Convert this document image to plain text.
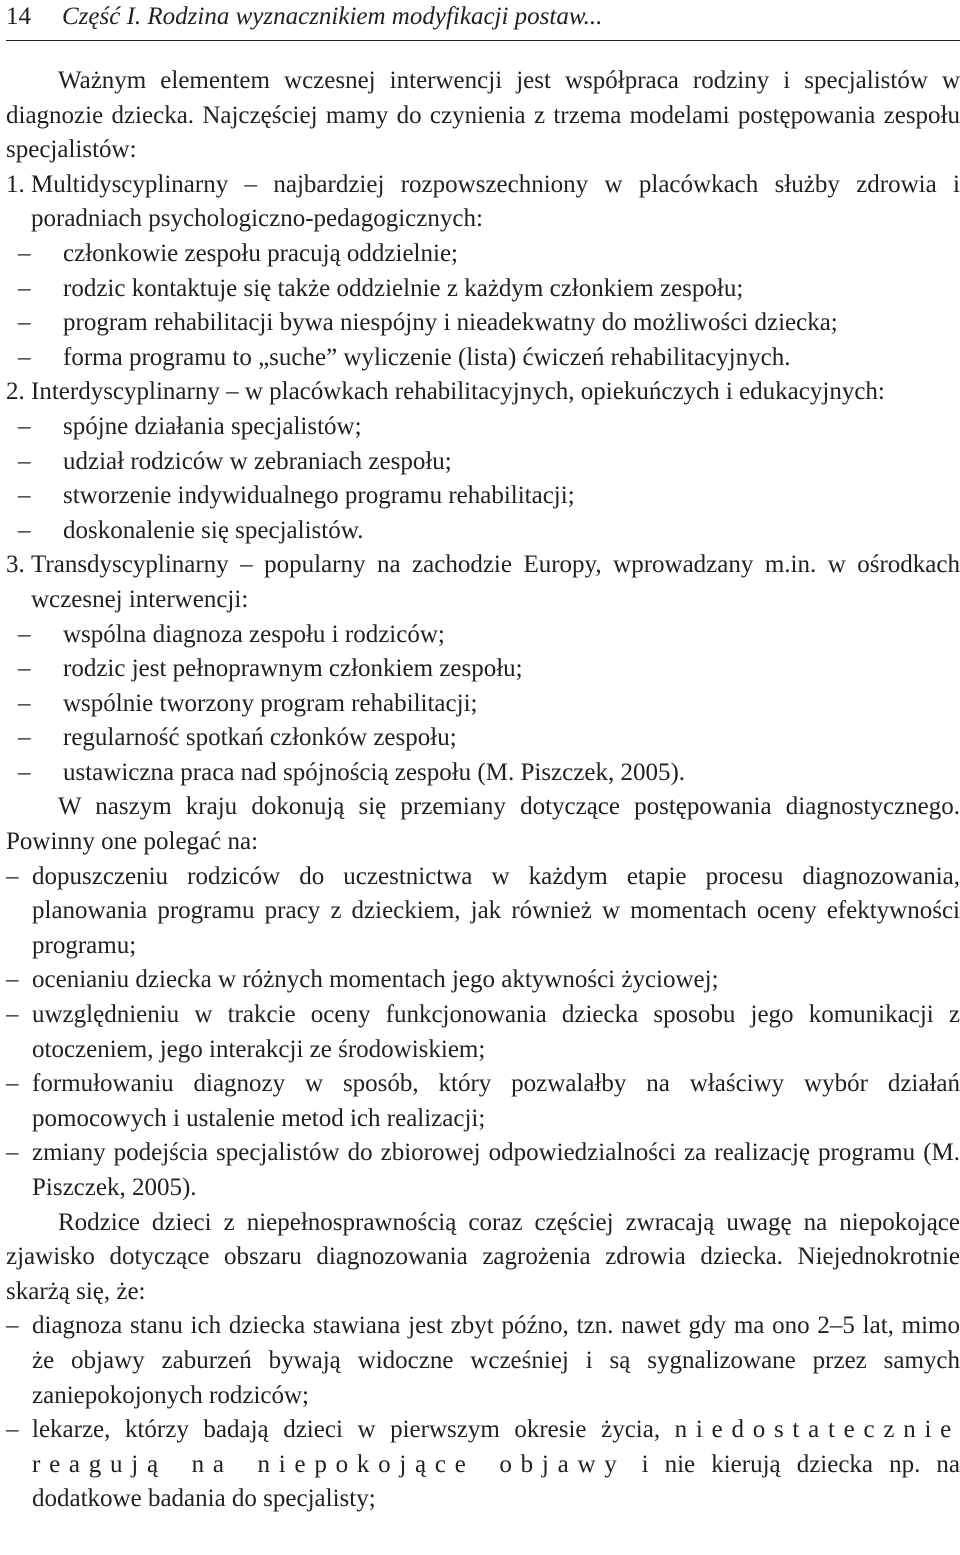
14 Część I. Rodzina wyznacznikiem modyfikacji postaw...

Ważnym elementem wczesnej interwencji jest współpraca rodziny i specjalistów w diagnozie dziecka. Najczęściej mamy do czynienia z trzema modelami postępowania zespołu specjalistów:

1. Multidyscyplinarny – najbardziej rozpowszechniony w placówkach służby zdrowia i poradniach psychologiczno-pedagogicznych:
– członkowie zespołu pracują oddzielnie;
– rodzic kontaktuje się także oddzielnie z każdym członkiem zespołu;
– program rehabilitacji bywa niespójny i nieadekwatny do możliwości dziecka;
– forma programu to „suche” wyliczenie (lista) ćwiczeń rehabilitacyjnych.
2. Interdyscyplinarny – w placówkach rehabilitacyjnych, opiekuńczych i edukacyjnych:
– spójne działania specjalistów;
– udział rodziców w zebraniach zespołu;
– stworzenie indywidualnego programu rehabilitacji;
– doskonalenie się specjalistów.
3. Transdyscyplinarny – popularny na zachodzie Europy, wprowadzany m.in. w ośrodkach wczesnej interwencji:
– wspólna diagnoza zespołu i rodziców;
– rodzic jest pełnoprawnym członkiem zespołu;
– wspólnie tworzony program rehabilitacji;
– regularność spotkań członków zespołu;
– ustawiczna praca nad spójnością zespołu (M. Piszczek, 2005).

W naszym kraju dokonują się przemiany dotyczące postępowania diagnostycznego. Powinny one polegać na:

– dopuszczeniu rodziców do uczestnictwa w każdym etapie procesu diagnozowania, planowania programu pracy z dzieckiem, jak również w momentach oceny efektywności programu;
– ocenianiu dziecka w różnych momentach jego aktywności życiowej;
– uwzględnieniu w trakcie oceny funkcjonowania dziecka sposobu jego komunikacji z otoczeniem, jego interakcji ze środowiskiem;
– formułowaniu diagnozy w sposób, który pozwalałby na właściwy wybór działań pomocowych i ustalenie metod ich realizacji;
– zmiany podejścia specjalistów do zbiorowej odpowiedzialności za realizację programu (M. Piszczek, 2005).

Rodzice dzieci z niepełnosprawnością coraz częściej zwracają uwagę na niepokojące zjawisko dotyczące obszaru diagnozowania zagrożenia zdrowia dziecka. Niejednokrotnie skarżą się, że:

– diagnoza stanu ich dziecka stawiana jest zbyt późno, tzn. nawet gdy ma ono 2–5 lat, mimo że objawy zaburzeń bywają widoczne wcześniej i są sygnalizowane przez samych zaniepokojonych rodziców;
– lekarze, którzy badają dzieci w pierwszym okresie życia, niedostatecznie reagują na niepokojące objawy i nie kierują dziecka np. na dodatkowe badania do specjalisty;
